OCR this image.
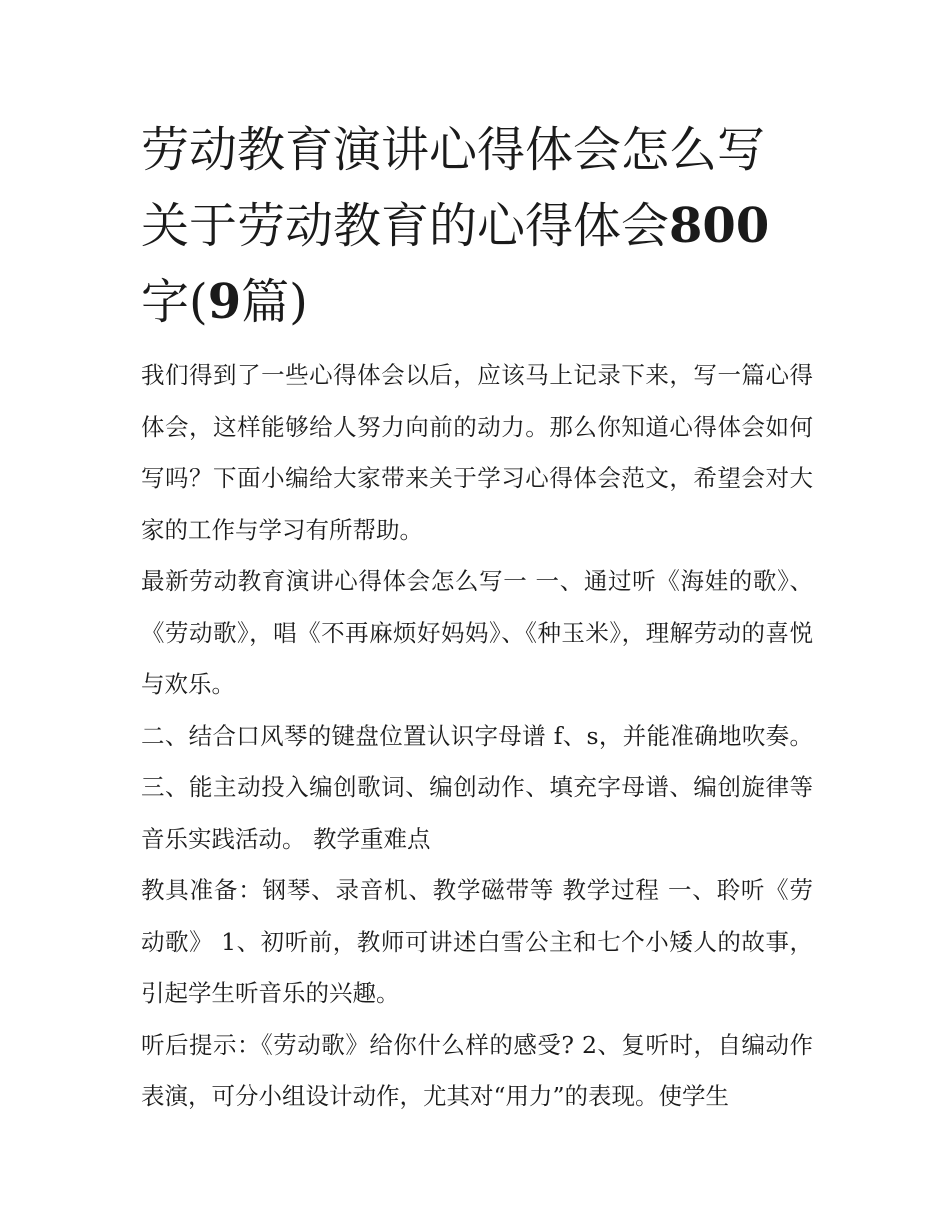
劳动教育演讲心得体会怎么写
关于劳动教育的心得体会800
字(9篇)

我们得到了一些心得体会以后，应该马上记录下来，写一篇心得体会，这样能够给人努力向前的动力。那么你知道心得体会如何写吗？下面小编给大家带来关于学习心得体会范文，希望会对大家的工作与学习有所帮助。

最新劳动教育演讲心得体会怎么写一 一、通过听《海娃的歌》、《劳动歌》，唱《不再麻烦好妈妈》、《种玉米》，理解劳动的喜悦与欢乐。

二、结合口风琴的键盘位置认识字母谱 f、s，并能准确地吹奏。 三、能主动投入编创歌词、编创动作、填充字母谱、编创旋律等音乐实践活动。 教学重难点

教具准备：钢琴、录音机、教学磁带等 教学过程 一、聆听《劳动歌》 1、初听前，教师可讲述白雪公主和七个小矮人的故事，引起学生听音乐的兴趣。

听后提示：《劳动歌》给你什么样的感受? 2、复听时，自编动作表演，可分小组设计动作，尤其对“用力”的表现。使学生
